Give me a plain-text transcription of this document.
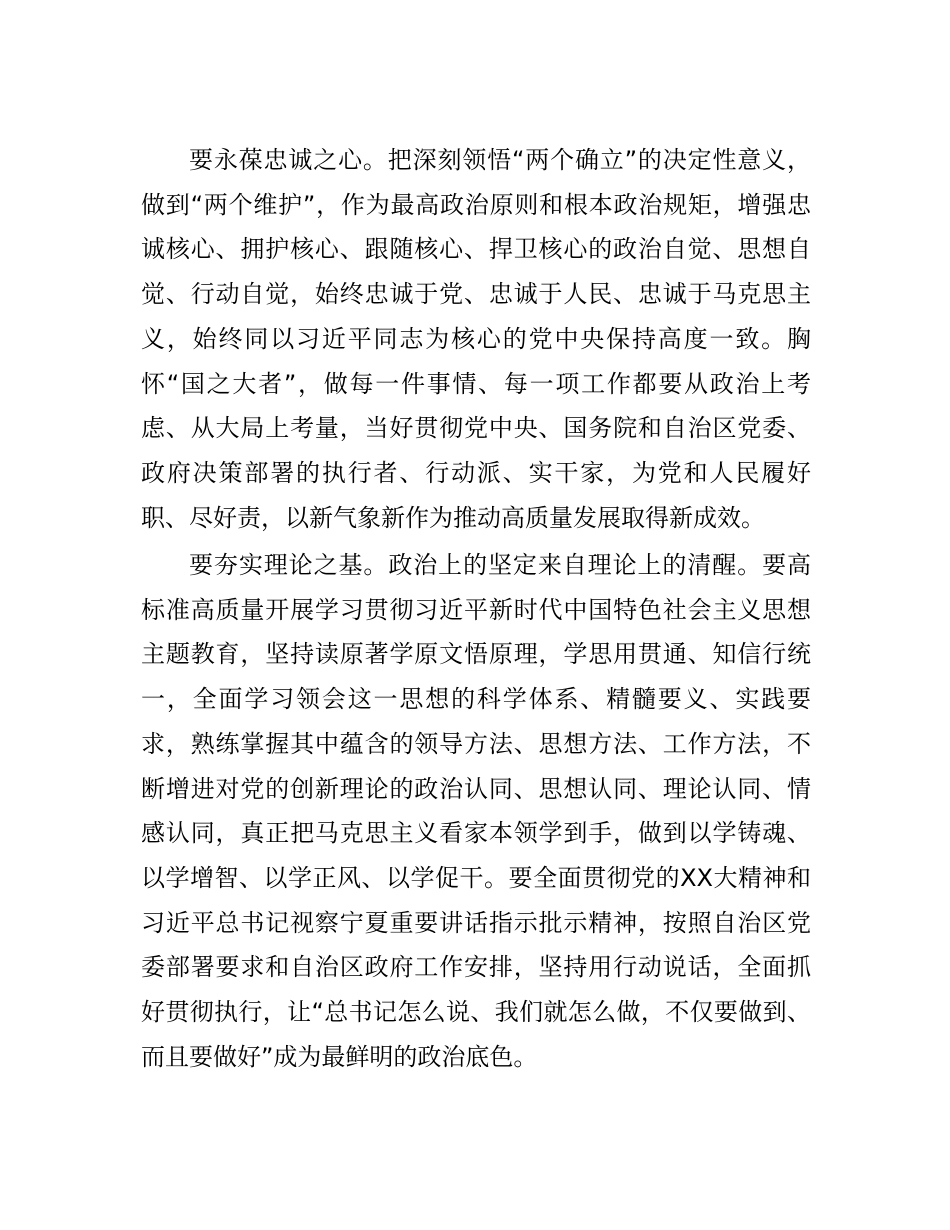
要永葆忠诚之心。把深刻领悟“两个确立”的决定性意义，做到“两个维护”，作为最高政治原则和根本政治规矩，增强忠诚核心、拥护核心、跟随核心、捍卫核心的政治自觉、思想自觉、行动自觉，始终忠诚于党、忠诚于人民、忠诚于马克思主义，始终同以习近平同志为核心的党中央保持高度一致。胸怀“国之大者”，做每一件事情、每一项工作都要从政治上考虑、从大局上考量，当好贯彻党中央、国务院和自治区党委、政府决策部署的执行者、行动派、实干家，为党和人民履好职、尽好责，以新气象新作为推动高质量发展取得新成效。

要夯实理论之基。政治上的坚定来自理论上的清醒。要高标准高质量开展学习贯彻习近平新时代中国特色社会主义思想主题教育，坚持读原著学原文悟原理，学思用贯通、知信行统一，全面学习领会这一思想的科学体系、精髓要义、实践要求，熟练掌握其中蕴含的领导方法、思想方法、工作方法，不断增进对党的创新理论的政治认同、思想认同、理论认同、情感认同，真正把马克思主义看家本领学到手，做到以学铸魂、以学增智、以学正风、以学促干。要全面贯彻党的XX大精神和习近平总书记视察宁夏重要讲话指示批示精神，按照自治区党委部署要求和自治区政府工作安排，坚持用行动说话，全面抓好贯彻执行，让“总书记怎么说、我们就怎么做，不仅要做到、而且要做好”成为最鲜明的政治底色。
